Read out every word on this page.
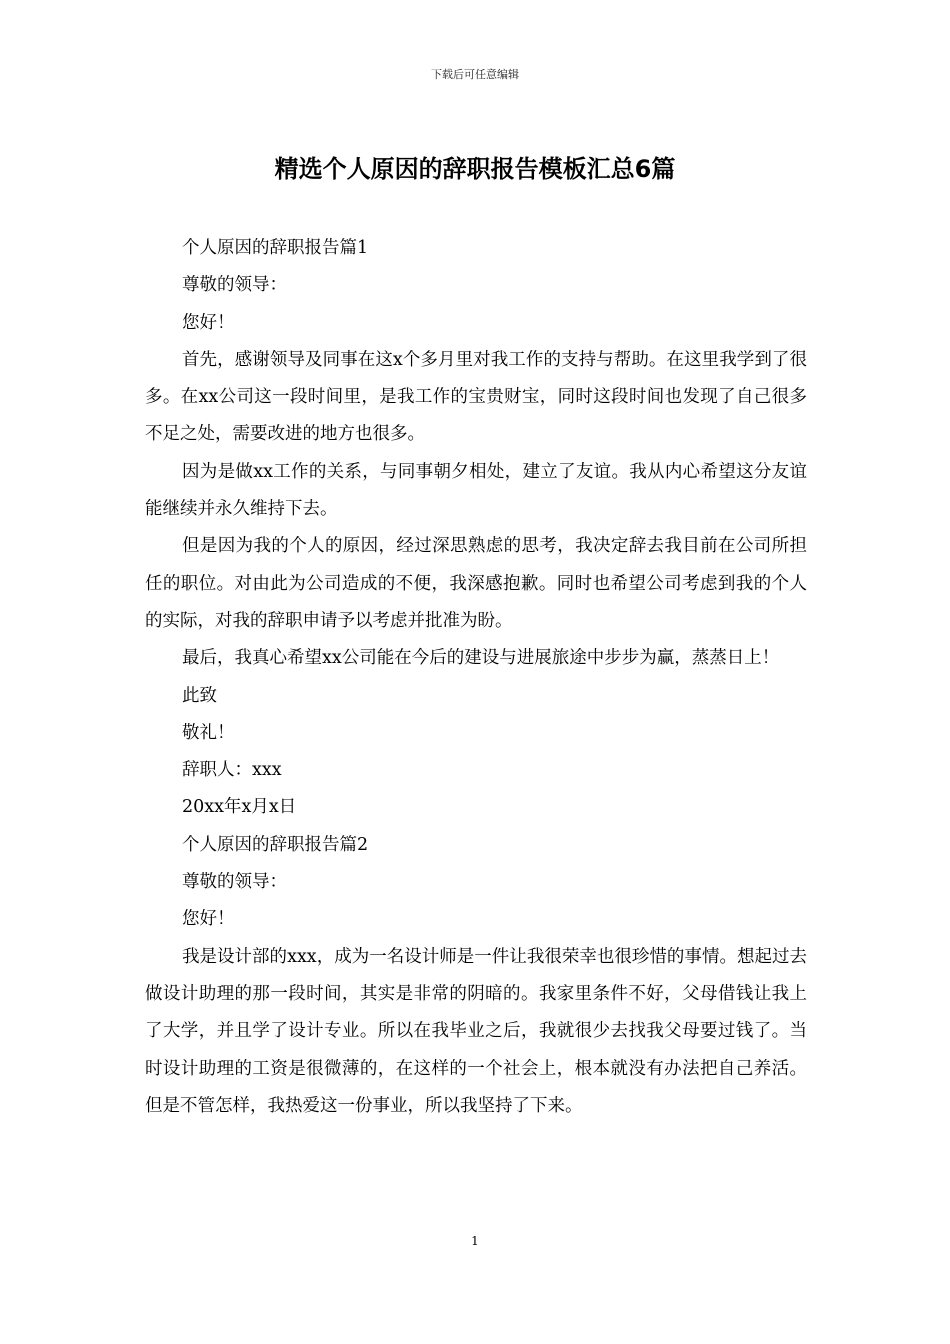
下载后可任意编辑
精选个人原因的辞职报告模板汇总6篇

个人原因的辞职报告篇1

尊敬的领导：

您好！

首先，感谢领导及同事在这x个多月里对我工作的支持与帮助。在这里我学到了很多。在xx公司这一段时间里，是我工作的宝贵财宝，同时这段时间也发现了自己很多不足之处，需要改进的地方也很多。

因为是做xx工作的关系，与同事朝夕相处，建立了友谊。我从内心希望这分友谊能继续并永久维持下去。

但是因为我的个人的原因，经过深思熟虑的思考，我决定辞去我目前在公司所担任的职位。对由此为公司造成的不便，我深感抱歉。同时也希望公司考虑到我的个人的实际，对我的辞职申请予以考虑并批准为盼。

最后，我真心希望xx公司能在今后的建设与进展旅途中步步为赢，蒸蒸日上！

此致

敬礼！

辞职人：xxx

20xx年x月x日

个人原因的辞职报告篇2

尊敬的领导：

您好！

我是设计部的xxx，成为一名设计师是一件让我很荣幸也很珍惜的事情。想起过去做设计助理的那一段时间，其实是非常的阴暗的。我家里条件不好，父母借钱让我上了大学，并且学了设计专业。所以在我毕业之后，我就很少去找我父母要过钱了。当时设计助理的工资是很微薄的，在这样的一个社会上，根本就没有办法把自己养活。但是不管怎样，我热爱这一份事业，所以我坚持了下来。

1
